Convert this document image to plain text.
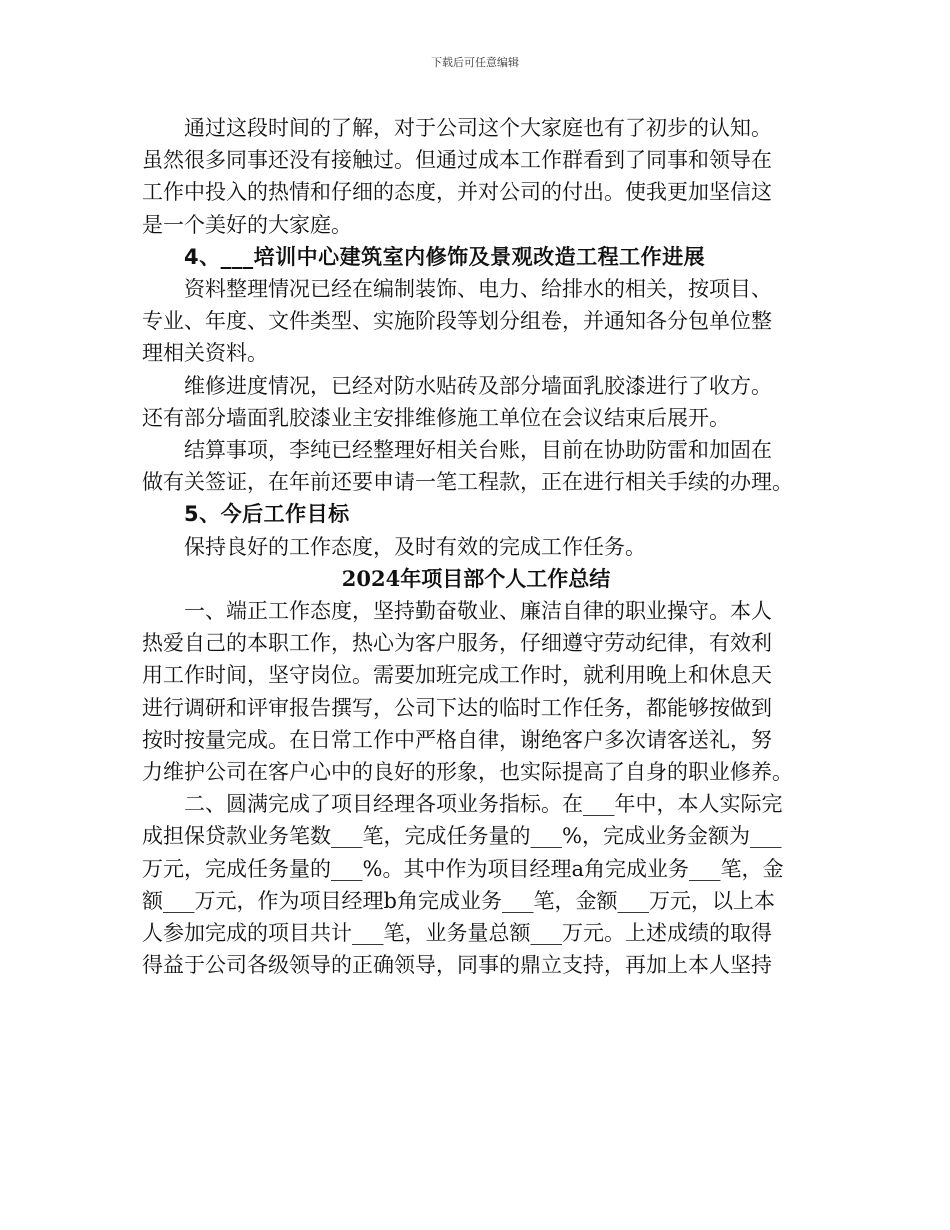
下载后可任意编辑
通过这段时间的了解，对于公司这个大家庭也有了初步的认知。
虽然很多同事还没有接触过。但通过成本工作群看到了同事和领导在
工作中投入的热情和仔细的态度，并对公司的付出。使我更加坚信这
是一个美好的大家庭。
4、___培训中心建筑室内修饰及景观改造工程工作进展
资料整理情况已经在编制装饰、电力、给排水的相关，按项目、
专业、年度、文件类型、实施阶段等划分组卷，并通知各分包单位整
理相关资料。
维修进度情况，已经对防水贴砖及部分墙面乳胶漆进行了收方。
还有部分墙面乳胶漆业主安排维修施工单位在会议结束后展开。
结算事项，李纯已经整理好相关台账，目前在协助防雷和加固在
做有关签证，在年前还要申请一笔工程款，正在进行相关手续的办理。
5、今后工作目标
保持良好的工作态度，及时有效的完成工作任务。
2024年项目部个人工作总结
一、端正工作态度，坚持勤奋敬业、廉洁自律的职业操守。本人
热爱自己的本职工作，热心为客户服务，仔细遵守劳动纪律，有效利
用工作时间，坚守岗位。需要加班完成工作时，就利用晚上和休息天
进行调研和评审报告撰写，公司下达的临时工作任务，都能够按做到
按时按量完成。在日常工作中严格自律，谢绝客户多次请客送礼，努
力维护公司在客户心中的良好的形象，也实际提高了自身的职业修养。
二、圆满完成了项目经理各项业务指标。在___年中，本人实际完
成担保贷款业务笔数___笔，完成任务量的___%，完成业务金额为___
万元，完成任务量的___%。其中作为项目经理a角完成业务___笔，金
额___万元，作为项目经理b角完成业务___笔，金额___万元，以上本
人参加完成的项目共计___笔，业务量总额___万元。上述成绩的取得
得益于公司各级领导的正确领导，同事的鼎立支持，再加上本人坚持
